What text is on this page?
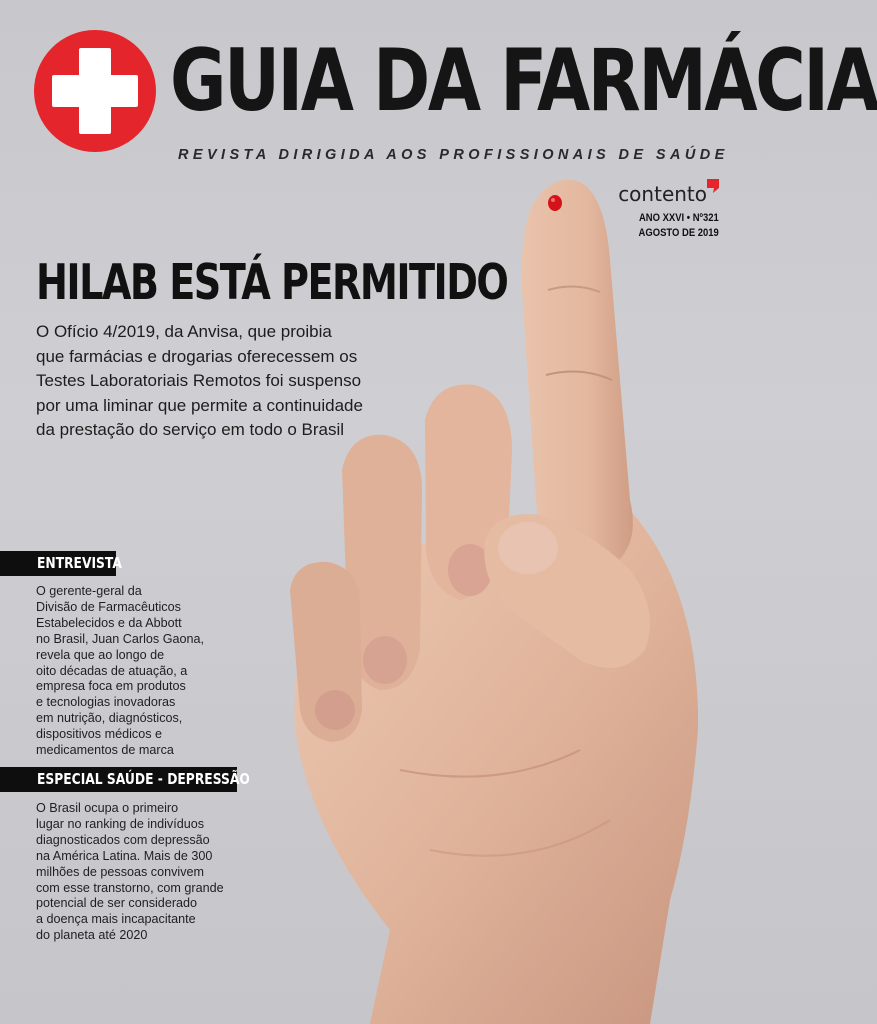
GUIA DA FARMÁCIA
REVISTA DIRIGIDA AOS PROFISSIONAIS DE SAÚDE
contento
ANO XXVI • Nº321
AGOSTO DE 2019
HILAB ESTÁ PERMITIDO
O Ofício 4/2019, da Anvisa, que proibia
que farmácias e drogarias oferecessem os
Testes Laboratoriais Remotos foi suspenso
por uma liminar que permite a continuidade
da prestação do serviço em todo o Brasil
ENTREVISTA
O gerente-geral da
Divisão de Farmacêuticos
Estabelecidos e da Abbott
no Brasil, Juan Carlos Gaona,
revela que ao longo de
oito décadas de atuação, a
empresa foca em produtos
e tecnologias inovadoras
em nutrição, diagnósticos,
dispositivos médicos e
medicamentos de marca
ESPECIAL SAÚDE - DEPRESSÃO
O Brasil ocupa o primeiro
lugar no ranking de indivíduos
diagnosticados com depressão
na América Latina. Mais de 300
milhões de pessoas convivem
com esse transtorno, com grande
potencial de ser considerado
a doença mais incapacitante
do planeta até 2020
